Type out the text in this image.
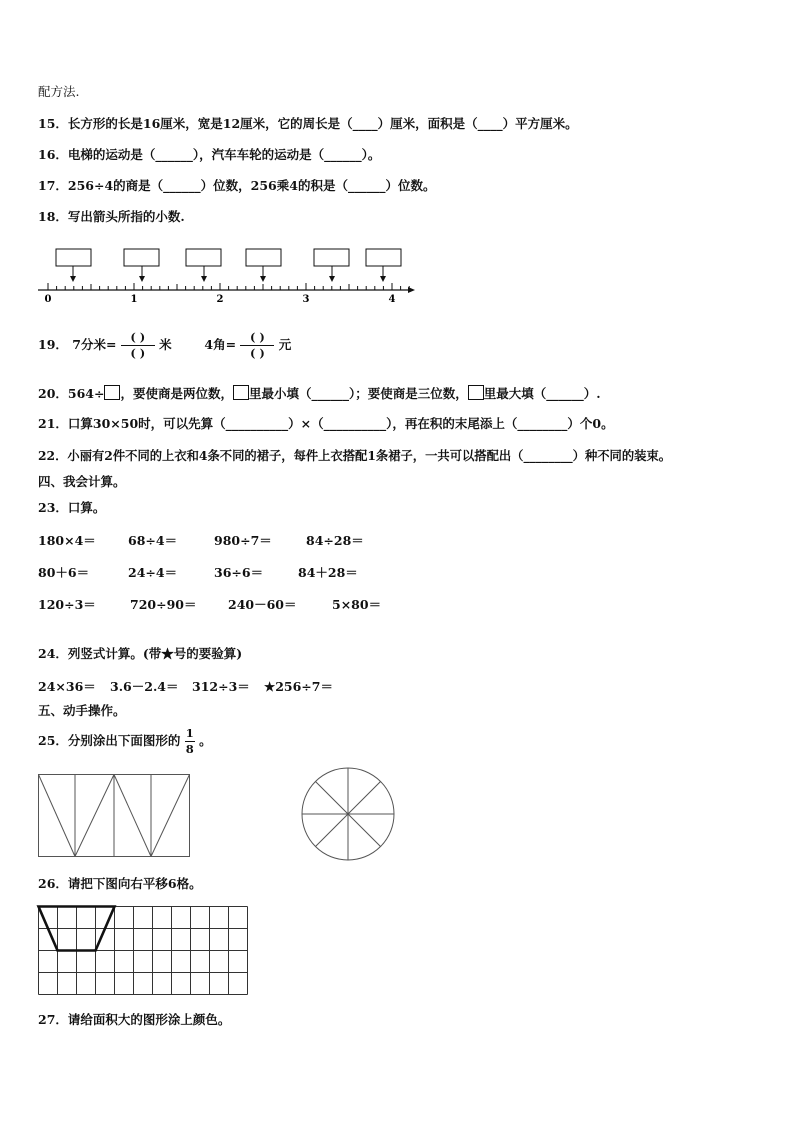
配方法.
15．长方形的长是16厘米，宽是12厘米，它的周长是（____）厘米，面积是（____）平方厘米。
16．电梯的运动是（______），汽车车轮的运动是（______）。
17．256÷4的商是（______）位数，256乘4的积是（______）位数。
18．写出箭头所指的小数.
0	1	2	3	4
19． 7分米= $\frac{( )}{( )}$ 米	4角= $\frac{( )}{( )}$ 元
20．564÷ ，要使商是两位数， 里最小填（______）；要使商是三位数， 里最大填（______）.
21．口算30×50时，可以先算（__________）×（__________），再在积的末尾添上（________）个0。
22．小丽有2件不同的上衣和4条不同的裙子，每件上衣搭配1条裙子，一共可以搭配出（________）种不同的装束。
四、我会计算。
23．口算。
180×4＝	68÷4＝	980÷7＝	84÷28＝
80＋6＝	24÷4＝	36÷6＝	84＋28＝
120÷3＝	720÷90＝	240－60＝	5×80＝
24．列竖式计算。(带★号的要验算)
24×36＝ 3.6－2.4＝ 312÷3＝ ★256÷7＝
五、动手操作。
25．分别涂出下面图形的 $\frac{1}{8}$ 。
26．请把下图向右平移6格。
27．请给面积大的图形涂上颜色。
